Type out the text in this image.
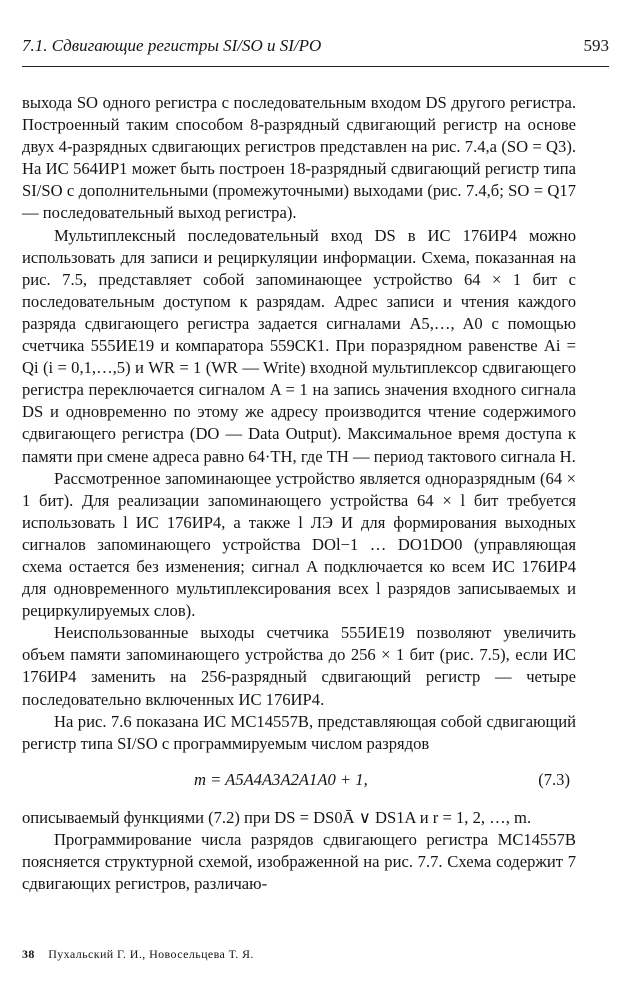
7.1. Сдвигающие регистры SI/SO и SI/PO	593

выхода SO одного регистра с последовательным входом DS другого регистра. Построенный таким способом 8-разрядный сдвигающий регистр на основе двух 4-разрядных сдвигающих регистров представлен на рис. 7.4,а (SO = Q3). На ИС 564ИР1 может быть построен 18-разрядный сдвигающий регистр типа SI/SO с дополнительными (промежуточными) выходами (рис. 7.4,б; SO = Q17 — последовательный выход регистра).

Мультиплексный последовательный вход DS в ИС 176ИР4 можно использовать для записи и рециркуляции информации. Схема, показанная на рис. 7.5, представляет собой запоминающее устройство 64 × 1 бит с последовательным доступом к разрядам. Адрес записи и чтения каждого разряда сдвигающего регистра задается сигналами A5,…, A0 с помощью счетчика 555ИЕ19 и компаратора 559СК1. При поразрядном равенстве Ai = Qi (i = 0,1,…,5) и WR = 1 (WR — Write) входной мультиплексор сдвигающего регистра переключается сигналом A = 1 на запись значения входного сигнала DS и одновременно по этому же адресу производится чтение содержимого сдвигающего регистра (DO — Data Output). Максимальное время доступа к памяти при смене адреса равно 64·TH, где TH — период тактового сигнала H.

Рассмотренное запоминающее устройство является одноразрядным (64 × 1 бит). Для реализации запоминающего устройства 64 × l бит требуется использовать l ИС 176ИР4, а также l ЛЭ И для формирования выходных сигналов запоминающего устройства DOl−1 … DO1DO0 (управляющая схема остается без изменения; сигнал A подключается ко всем ИС 176ИР4 для одновременного мультиплексирования всех l разрядов записываемых и рециркулируемых слов).

Неиспользованные выходы счетчика 555ИЕ19 позволяют увеличить объем памяти запоминающего устройства до 256 × 1 бит (рис. 7.5), если ИС 176ИР4 заменить на 256-разрядный сдвигающий регистр — четыре последовательно включенных ИС 176ИР4.

На рис. 7.6 показана ИС MC14557B, представляющая собой сдвигающий регистр типа SI/SO с программируемым числом разрядов

m = A5A4A3A2A1A0 + 1,	(7.3)

описываемый функциями (7.2) при DS = DS0Ā ∨ DS1A и r = 1, 2, …, m.

Программирование числа разрядов сдвигающего регистра MC14557B поясняется структурной схемой, изображенной на рис. 7.7. Схема содержит 7 сдвигающих регистров, различаю-

38 Пухальский Г. И., Новосельцева Т. Я.
